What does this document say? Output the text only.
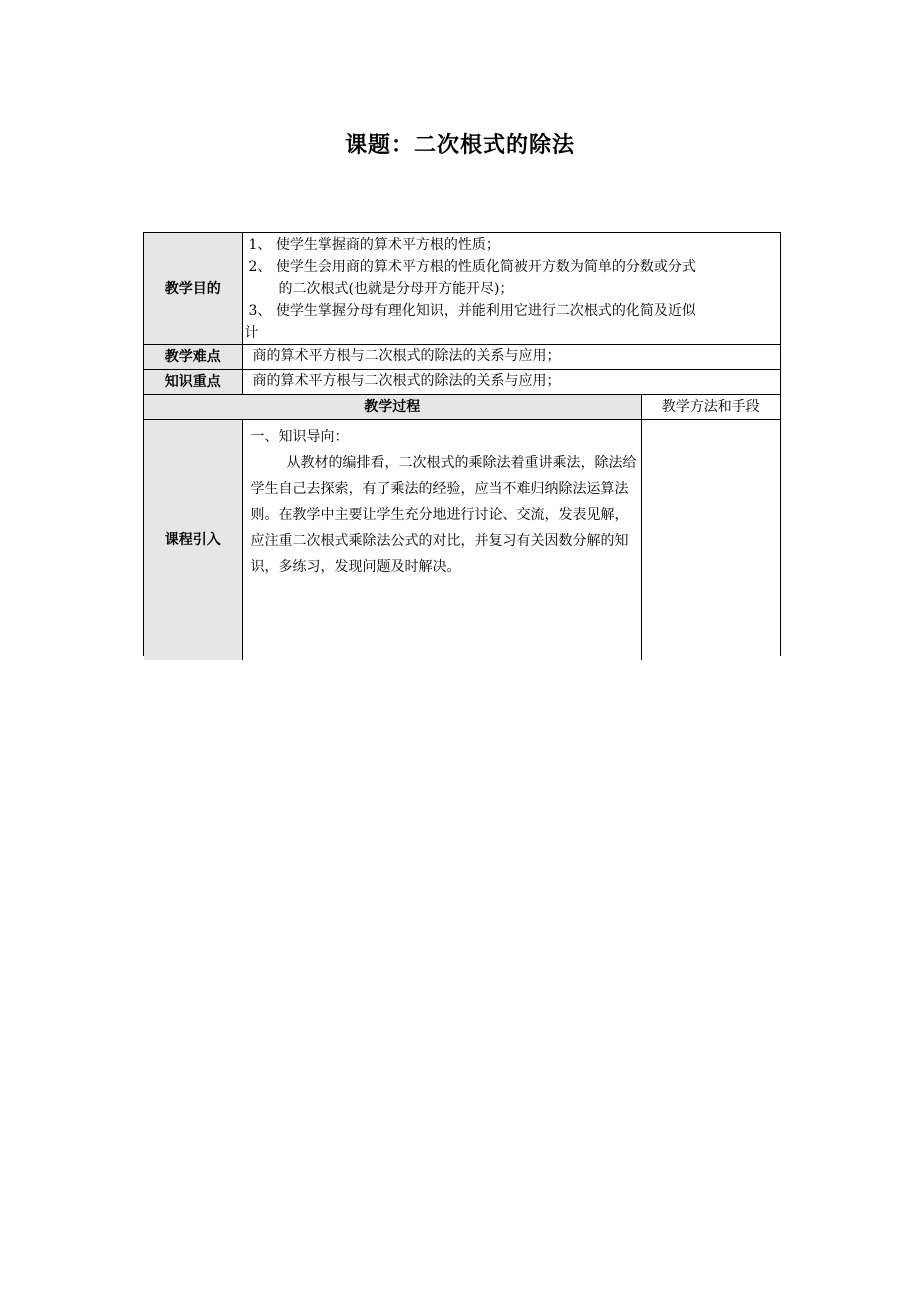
课题：二次根式的除法
教学目的	1、 使学生掌握商的算术平方根的性质；
2、 使学生会用商的算术平方根的性质化简被开方数为简单的分数或分式
的二次根式(也就是分母开方能开尽)；
3、 使学生掌握分母有理化知识，并能利用它进行二次根式的化简及近似
计	

教学难点	商的算术平方根与二次根式的除法的关系与应用；	
知识重点	商的算术平方根与二次根式的除法的关系与应用；	
教学过程		教学方法和手段
课程引入	一、知识导向：
从教材的编排看，二次根式的乘除法着重讲乘法，除法给学生自己去探索，有了乘法的经验，应当不难归纳除法运算法则。在教学中主要让学生充分地进行讨论、交流，发表见解，应注重二次根式乘除法公式的对比，并复习有关因数分解的知识，多练习，发现问题及时解决。	
